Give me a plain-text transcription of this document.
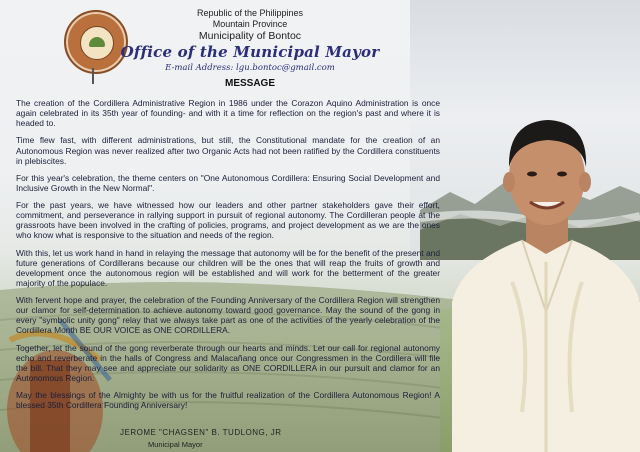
Republic of the Philippines
Mountain Province
Municipality of Bontoc
Office of the Municipal Mayor
E-mail Address: lgu.bontoc@gmail.com
MESSAGE

The creation of the Cordillera Administrative Region in 1986 under the Corazon Aquino Administration is once again celebrated in its 35th year of founding- and with it a time for reflection on the region's past and where it is headed to.

Time flew fast, with different administrations, but still, the Constitutional mandate for the creation of an Autonomous Region was never realized after two Organic Acts had not been ratified by the Cordillera constituents in plebiscites.

For this year's celebration, the theme centers on "One Autonomous Cordillera: Ensuring Social Development and Inclusive Growth in the New Normal".

For the past years, we have witnessed how our leaders and other partner stakeholders gave their effort, commitment, and perseverance in rallying support in pursuit of regional autonomy. The Cordilleran people at the grassroots have been involved in the crafting of policies, programs, and project development as we are the ones who know what is responsive to the situation and needs of the region.

With this, let us work hand in hand in relaying the message that autonomy will be for the benefit of the present and future generations of Cordillerans because our children will be the ones that will reap the fruits of growth and development once the autonomous region will be established and will work for the betterment of the greater majority of the populace.

With fervent hope and prayer, the celebration of the Founding Anniversary of the Cordillera Region will strengthen our clamor for self-determination to achieve autonomy toward good governance. May the sound of the gong in every "symbolic unity gong" relay that we always take part as one of the activities of the yearly celebration of the Cordillera Month BE OUR VOICE as ONE CORDILLERA.

Together, let the sound of the gong reverberate through our hearts and minds. Let our call for regional autonomy echo and reverberate in the halls of Congress and Malacañang once our Congressmen in the Cordillera will file the bill. That they may see and appreciate our solidarity as ONE CORDILLERA in our pursuit and clamor for an Autonomous Region.

May the blessings of the Almighty be with us for the fruitful realization of the Cordillera Autonomous Region! A blessed 35th Cordillera Founding Anniversary!

JEROME "CHAGSEN" B. TUDLONG, JR
Municipal Mayor
